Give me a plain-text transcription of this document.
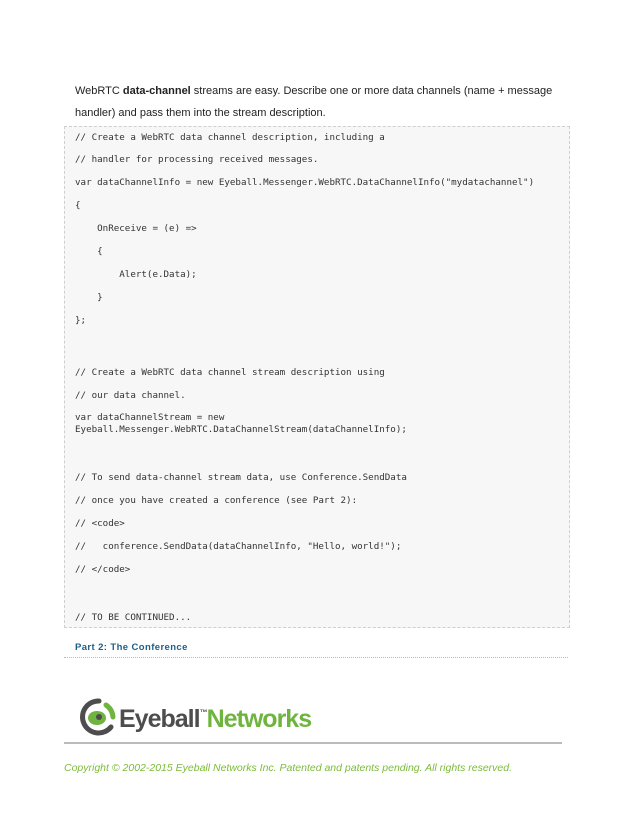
WebRTC data-channel streams are easy. Describe one or more data channels (name + message handler) and pass them into the stream description.
// Create a WebRTC data channel description, including a
// handler for processing received messages.
var dataChannelInfo = new Eyeball.Messenger.WebRTC.DataChannelInfo("mydatachannel")
{
OnReceive = (e) =>
{
Alert(e.Data);
}
};
// Create a WebRTC data channel stream description using
// our data channel.
var dataChannelStream = new
Eyeball.Messenger.WebRTC.DataChannelStream(dataChannelInfo);
// To send data-channel stream data, use Conference.SendData
// once you have created a conference (see Part 2):
// <code>
//   conference.SendData(dataChannelInfo, "Hello, world!");
// </code>
// TO BE CONTINUED...
Part 2: The Conference
Eyeball™Networks
Copyright © 2002-2015 Eyeball Networks Inc. Patented and patents pending. All rights reserved.
